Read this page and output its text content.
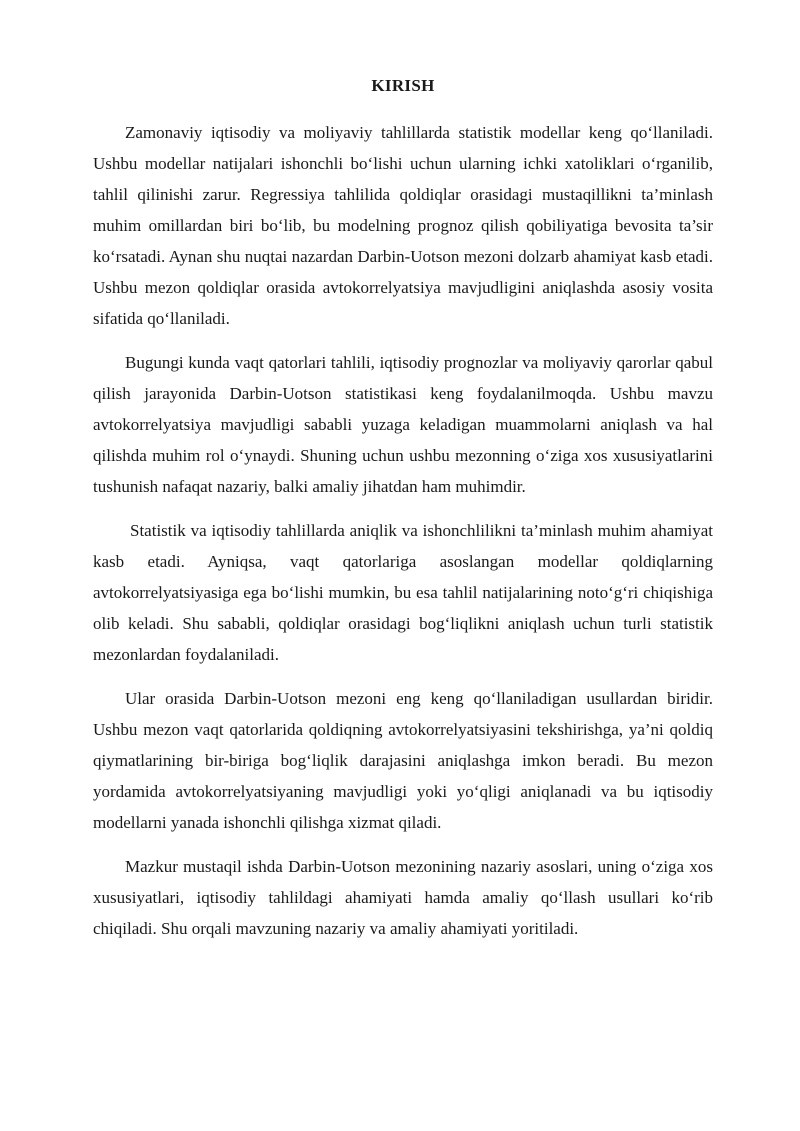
KIRISH

Zamonaviy iqtisodiy va moliyaviy tahlillarda statistik modellar keng qo‘llaniladi. Ushbu modellar natijalari ishonchli bo‘lishi uchun ularning ichki xatoliklari o‘rganilib, tahlil qilinishi zarur. Regressiya tahlilida qoldiqlar orasidagi mustaqillikni ta’minlash muhim omillardan biri bo‘lib, bu modelning prognoz qilish qobiliyatiga bevosita ta’sir ko‘rsatadi. Aynan shu nuqtai nazardan Darbin-Uotson mezoni dolzarb ahamiyat kasb etadi. Ushbu mezon qoldiqlar orasida avtokorrelyatsiya mavjudligini aniqlashda asosiy vosita sifatida qo‘llaniladi.

Bugungi kunda vaqt qatorlari tahlili, iqtisodiy prognozlar va moliyaviy qarorlar qabul qilish jarayonida Darbin-Uotson statistikasi keng foydalanilmoqda. Ushbu mavzu avtokorrelyatsiya mavjudligi sababli yuzaga keladigan muammolarni aniqlash va hal qilishda muhim rol o‘ynaydi. Shuning uchun ushbu mezonning o‘ziga xos xususiyatlarini tushunish nafaqat nazariy, balki amaliy jihatdan ham muhimdir.

Statistik va iqtisodiy tahlillarda aniqlik va ishonchlilikni ta’minlash muhim ahamiyat kasb etadi. Ayniqsa, vaqt qatorlariga asoslangan modellar qoldiqlarning avtokorrelyatsiyasiga ega bo‘lishi mumkin, bu esa tahlil natijalarining noto‘g‘ri chiqishiga olib keladi. Shu sababli, qoldiqlar orasidagi bog‘liqlikni aniqlash uchun turli statistik mezonlardan foydalaniladi.

Ular orasida Darbin-Uotson mezoni eng keng qo‘llaniladigan usullardan biridir. Ushbu mezon vaqt qatorlarida qoldiqning avtokorrelyatsiyasini tekshirishga, ya’ni qoldiq qiymatlarining bir-biriga bog‘liqlik darajasini aniqlashga imkon beradi. Bu mezon yordamida avtokorrelyatsiyaning mavjudligi yoki yo‘qligi aniqlanadi va bu iqtisodiy modellarni yanada ishonchli qilishga xizmat qiladi.

Mazkur mustaqil ishda Darbin-Uotson mezonining nazariy asoslari, uning o‘ziga xos xususiyatlari, iqtisodiy tahlildagi ahamiyati hamda amaliy qo‘llash usullari ko‘rib chiqiladi. Shu orqali mavzuning nazariy va amaliy ahamiyati yoritiladi.
